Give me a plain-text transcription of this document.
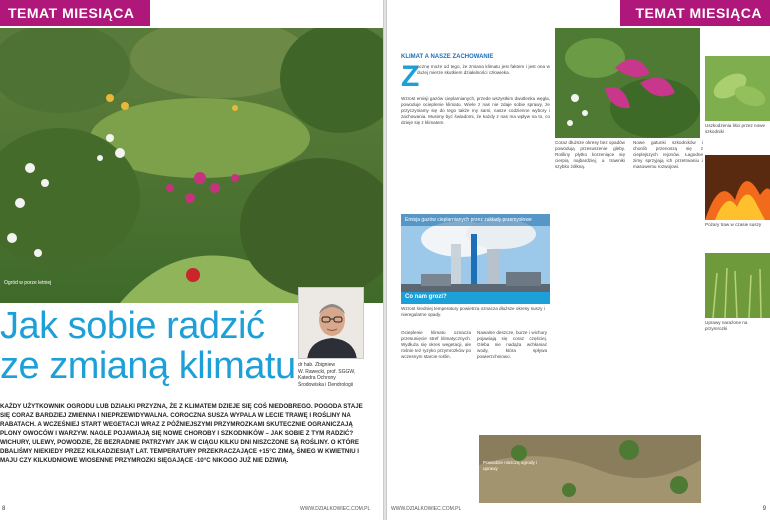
TEMAT MIESIĄCA
Ogród w porze letniej
dr hab. Zbigniew
W. Rawecki, prof. SGGW,
Katedra Ochrony
Środowiska i Dendrologii
Jak sobie radzić
ze zmianą klimatu

KAŻDY UŻYTKOWNIK OGRODU LUB DZIAŁKI PRZYZNA, ŻE Z KLIMATEM DZIEJE SIĘ COŚ NIEDOBREGO. POGODA STAJE SIĘ CORAZ BARDZIEJ ZMIENNA I NIEPRZEWIDYWALNA. COROCZNA SUSZA WYPALA W LECIE TRAWĘ I ROŚLINY NA RABATACH. A WCZEŚNIEJ START WEGETACJI WRAZ Z PÓŹNIEJSZYMI PRZYMROZKAMI SKUTECZNIE OGRANICZAJĄ PLONY OWOCÓW I WARZYW. NAGLE POJAWIAJĄ SIĘ NOWE CHOROBY I SZKODNIKÓW – JAK SOBIE Z TYM RADZIĆ? WICHURY, ULEWY, POWODZIE, ŻE BEZRADNIE PATRZYMY JAK W CIĄGU KILKU DNI NISZCZONE SĄ ROŚLINY. O KTÓRE DBALIŚMY NIEKIEDY PRZEZ KILKADZIESIĄT LAT. TEMPERATURY PRZEKRACZAJĄCE +15°C ZIMĄ, ŚNIEG W KWIETNIU I MAJU CZY KILKUDNIOWE WIOSENNE PRZYMROZKI SIĘGAJĄCE -10°C NIKOGO JUŻ NIE DZIWIĄ.

8	WWW.DZIALKOWIEC.COM.PL
TEMAT MIESIĄCA
KLIMAT A NASZE ZACHOWANIE
Z

acznę może od tego, że zmiana klimatu jest faktem i jest ona w dużej mierze skutkiem działalności człowieka.

Wzrost emisji gazów cieplarnianych, przede wszystkim dwutlenku węgla, powoduje ocieplenie klimatu. Wiele z nas nie zdaje sobie sprawy, że przyczyniamy się do tego także my sami, nasze codzienne wybory i zachowania. Musimy być świadomi, że każdy z nas ma wpływ na to, co dzieje się z klimatem.

Emisja gazów cieplarnianych przez zakłady przemysłowe
Co nam grozi?

Wzrost średniej temperatury powietrza oznacza dłuższe okresy suszy i nieregularne opady.

Ocieplenie klimatu oznacza przesunięcie stref klimatycznych. Wydłuża się okres wegetacji, ale rośnie też ryzyko przymrozków po wczesnym starcie roślin.

Nawalne deszcze, burze i wichury pojawiają się coraz częściej. Gleba nie nadąża wchłaniać wody, która spływa powierzchniowo.

Coraz dłuższe okresy bez opadów powodują przesuszenie gleby. Rośliny płytko korzeniące się cierpią najbardziej, a trawniki szybko żółkną.

Nowe gatunki szkodników i chorób przenoszą się z cieplejszych rejonów. Łagodne zimy sprzyjają ich przetrwaniu i masowemu rozwojowi.

Uszkodzenia liści przez nowe szkodniki
Pożary traw w czasie suszy
Uprawy narażone na przymrozki
Powodzie niszczą ogrody i uprawy
WWW.DZIALKOWIEC.COM.PL	9
